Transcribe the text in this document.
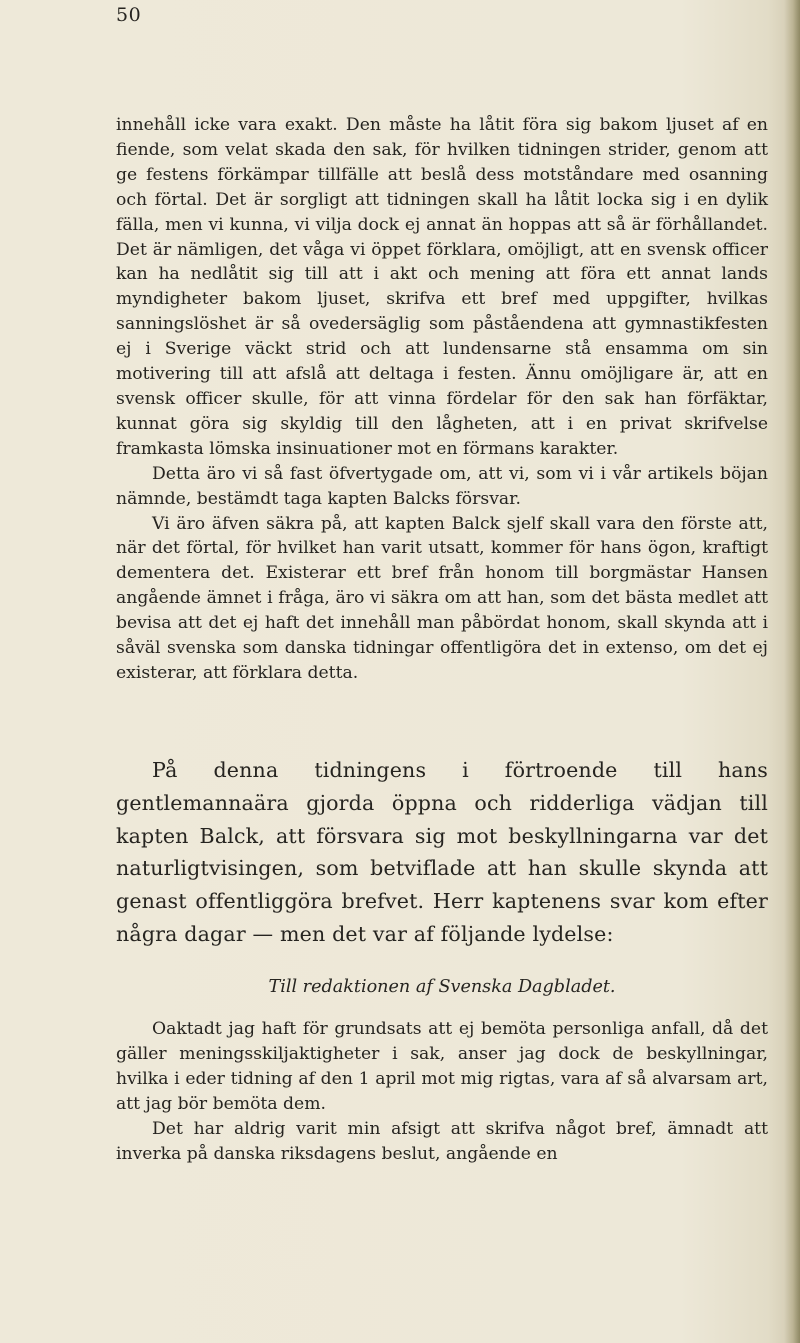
50

innehåll icke vara exakt. Den måste ha låtit föra sig bakom ljuset af en fiende, som velat skada den sak, för hvilken tidningen strider, genom att ge festens förkämpar tillfälle att beslå dess motståndare med osanning och förtal. Det är sorgligt att tidningen skall ha låtit locka sig i en dylik fälla, men vi kunna, vi vilja dock ej annat än hoppas att så är förhållandet. Det är nämligen, det våga vi öppet förklara, omöjligt, att en svensk officer kan ha nedlåtit sig till att i akt och mening att föra ett annat lands myndigheter bakom ljuset, skrifva ett bref med uppgifter, hvilkas sanningslöshet är så ovedersäglig som påståendena att gymnastikfesten ej i Sverige väckt strid och att lundensarne stå ensamma om sin motivering till att afslå att deltaga i festen. Ännu omöjligare är, att en svensk officer skulle, för att vinna fördelar för den sak han förfäktar, kunnat göra sig skyldig till den lågheten, att i en privat skrifvelse framkasta lömska insinuationer mot en förmans karakter.

Detta äro vi så fast öfvertygade om, att vi, som vi i vår artikels böjan nämnde, bestämdt taga kapten Balcks försvar.

Vi äro äfven säkra på, att kapten Balck sjelf skall vara den förste att, när det förtal, för hvilket han varit utsatt, kommer för hans ögon, kraftigt dementera det. Existerar ett bref från honom till borgmästar Hansen angående ämnet i fråga, äro vi säkra om att han, som det bästa medlet att bevisa att det ej haft det innehåll man påbördat honom, skall skynda att i såväl svenska som danska tidningar offentligöra det in extenso, om det ej existerar, att förklara detta.

På denna tidningens i förtroende till hans gentlemannaära gjorda öppna och ridderliga vädjan till kapten Balck, att försvara sig mot beskyllningarna var det naturligtvisingen, som betviflade att han skulle skynda att genast offentliggöra brefvet. Herr kaptenens svar kom efter några dagar — men det var af följande lydelse:

Till redaktionen af Svenska Dagbladet.

Oaktadt jag haft för grundsats att ej bemöta personliga anfall, då det gäller meningsskiljaktigheter i sak, anser jag dock de beskyllningar, hvilka i eder tidning af den 1 april mot mig rigtas, vara af så alvarsam art, att jag bör bemöta dem.

Det har aldrig varit min afsigt att skrifva något bref, ämnadt att inverka på danska riksdagens beslut, angående en
